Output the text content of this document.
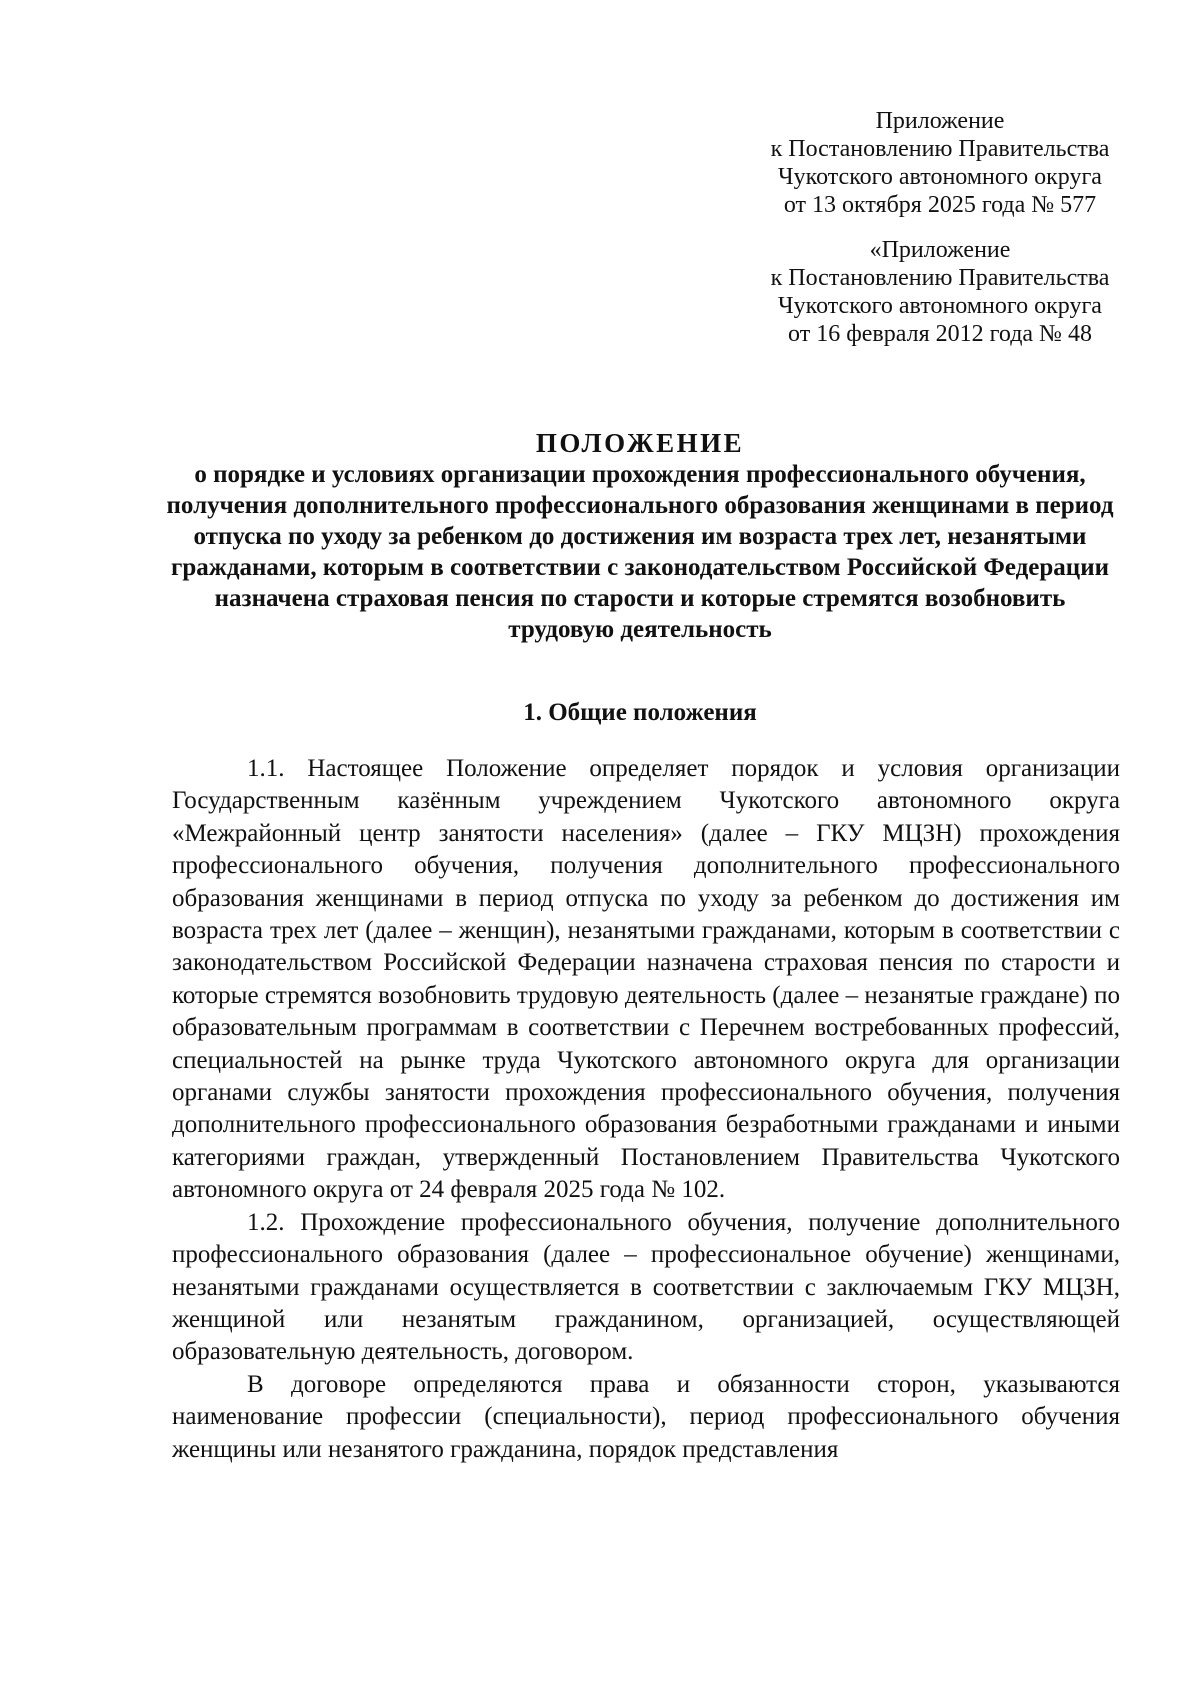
Приложение
к Постановлению Правительства
Чукотского автономного округа
от 13 октября 2025 года № 577
«Приложение
к Постановлению Правительства
Чукотского автономного округа
от 16 февраля 2012 года № 48
ПОЛОЖЕНИЕ

о порядке и условиях организации прохождения профессионального обучения, получения дополнительного профессионального образования женщинами в период отпуска по уходу за ребенком до достижения им возраста трех лет, незанятыми гражданами, которым в соответствии с законодательством Российской Федерации назначена страховая пенсия по старости и которые стремятся возобновить трудовую деятельность

1. Общие положения

1.1. Настоящее Положение определяет порядок и условия организации Государственным казённым учреждением Чукотского автономного округа «Межрайонный центр занятости населения» (далее – ГКУ МЦЗН) прохождения профессионального обучения, получения дополнительного профессионального образования женщинами в период отпуска по уходу за ребенком до достижения им возраста трех лет (далее – женщин), незанятыми гражданами, которым в соответствии с законодательством Российской Федерации назначена страховая пенсия по старости и которые стремятся возобновить трудовую деятельность (далее – незанятые граждане) по образовательным программам в соответствии с Перечнем востребованных профессий, специальностей на рынке труда Чукотского автономного округа для организации органами службы занятости прохождения профессионального обучения, получения дополнительного профессионального образования безработными гражданами и иными категориями граждан, утвержденный Постановлением Правительства Чукотского автономного округа от 24 февраля 2025 года № 102.

1.2. Прохождение профессионального обучения, получение дополнительного профессионального образования (далее – профессиональное обучение) женщинами, незанятыми гражданами осуществляется в соответствии с заключаемым ГКУ МЦЗН, женщиной или незанятым гражданином, организацией, осуществляющей образовательную деятельность, договором.

В договоре определяются права и обязанности сторон, указываются наименование профессии (специальности), период профессионального обучения женщины или незанятого гражданина, порядок представления
